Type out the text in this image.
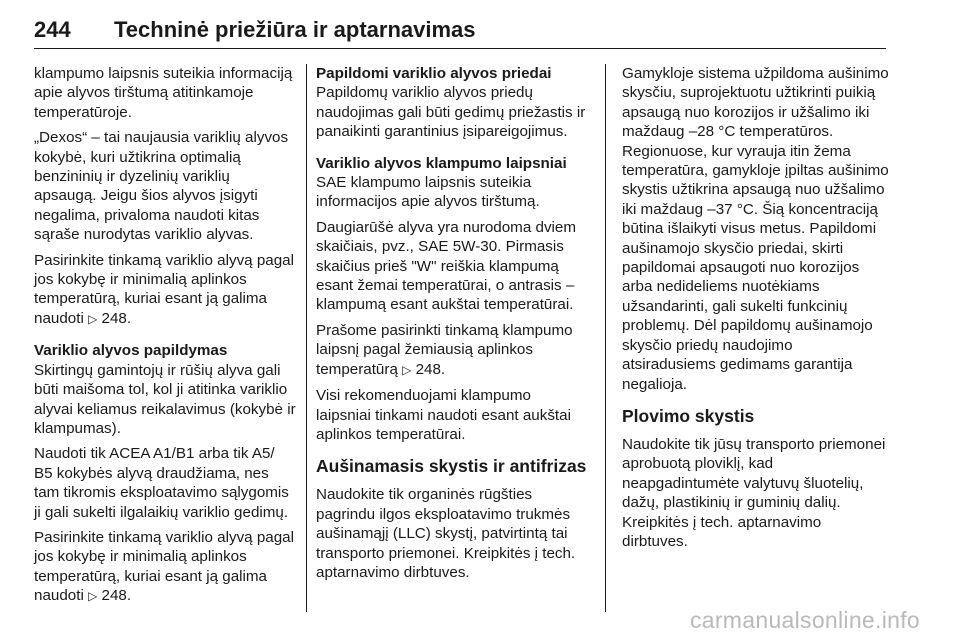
244 Techninė priežiūra ir aptarnavimas

klampumo laipsnis suteikia informaciją apie alyvos tirštumą atitinkamoje temperatūroje.

„Dexos“ – tai naujausia variklių alyvos kokybė, kuri užtikrina optimalią benzininių ir dyzelinių variklių apsaugą. Jeigu šios alyvos įsigyti negalima, privaloma naudoti kitas sąraše nurodytas variklio alyvas.

Pasirinkite tinkamą variklio alyvą pagal jos kokybę ir minimalią aplinkos temperatūrą, kuriai esant ją galima naudoti ▷ 248.

Variklio alyvos papildymas
Skirtingų gamintojų ir rūšių alyva gali būti maišoma tol, kol ji atitinka variklio alyvai keliamus reikalavimus (kokybė ir klampumas).

Naudoti tik ACEA A1/B1 arba tik A5/ B5 kokybės alyvą draudžiama, nes tam tikromis eksploatavimo sąlygomis ji gali sukelti ilgalaikių variklio gedimų.

Pasirinkite tinkamą variklio alyvą pagal jos kokybę ir minimalią aplinkos temperatūrą, kuriai esant ją galima naudoti ▷ 248.

Papildomi variklio alyvos priedai
Papildomų variklio alyvos priedų naudojimas gali būti gedimų priežastis ir panaikinti garantinius įsipareigojimus.

Variklio alyvos klampumo laipsniai
SAE klampumo laipsnis suteikia informacijos apie alyvos tirštumą.

Daugiarūšė alyva yra nurodoma dviem skaičiais, pvz., SAE 5W-30. Pirmasis skaičius prieš "W" reiškia klampumą esant žemai temperatūrai, o antrasis – klampumą esant aukštai temperatūrai.

Prašome pasirinkti tinkamą klampumo laipsnį pagal žemiausią aplinkos temperatūrą ▷ 248.

Visi rekomenduojami klampumo laipsniai tinkami naudoti esant aukštai aplinkos temperatūrai.

Aušinamasis skystis ir antifrizas

Naudokite tik organinės rūgšties pagrindu ilgos eksploatavimo trukmės aušinamąjį (LLC) skystį, patvirtintą tai transporto priemonei. Kreipkitės į tech. aptarnavimo dirbtuves.

Gamykloje sistema užpildoma aušinimo skysčiu, suprojektuotu užtikrinti puikią apsaugą nuo korozijos ir užšalimo iki maždaug –28 °C temperatūros. Regionuose, kur vyrauja itin žema temperatūra, gamykloje įpiltas aušinimo skystis užtikrina apsaugą nuo užšalimo iki maždaug –37 °C. Šią koncentraciją būtina išlaikyti visus metus. Papildomi aušinamojo skysčio priedai, skirti papildomai apsaugoti nuo korozijos arba nedideliems nuotėkiams užsandarinti, gali sukelti funkcinių problemų. Dėl papildomų aušinamojo skysčio priedų naudojimo atsiradusiems gedimams garantija negalioja.

Plovimo skystis

Naudokite tik jūsų transporto priemonei aprobuotą ploviklį, kad neapgadintumėte valytuvų šluotelių, dažų, plastikinių ir guminių dalių. Kreipkitės į tech. aptarnavimo dirbtuves.

carmanualsonline.info
